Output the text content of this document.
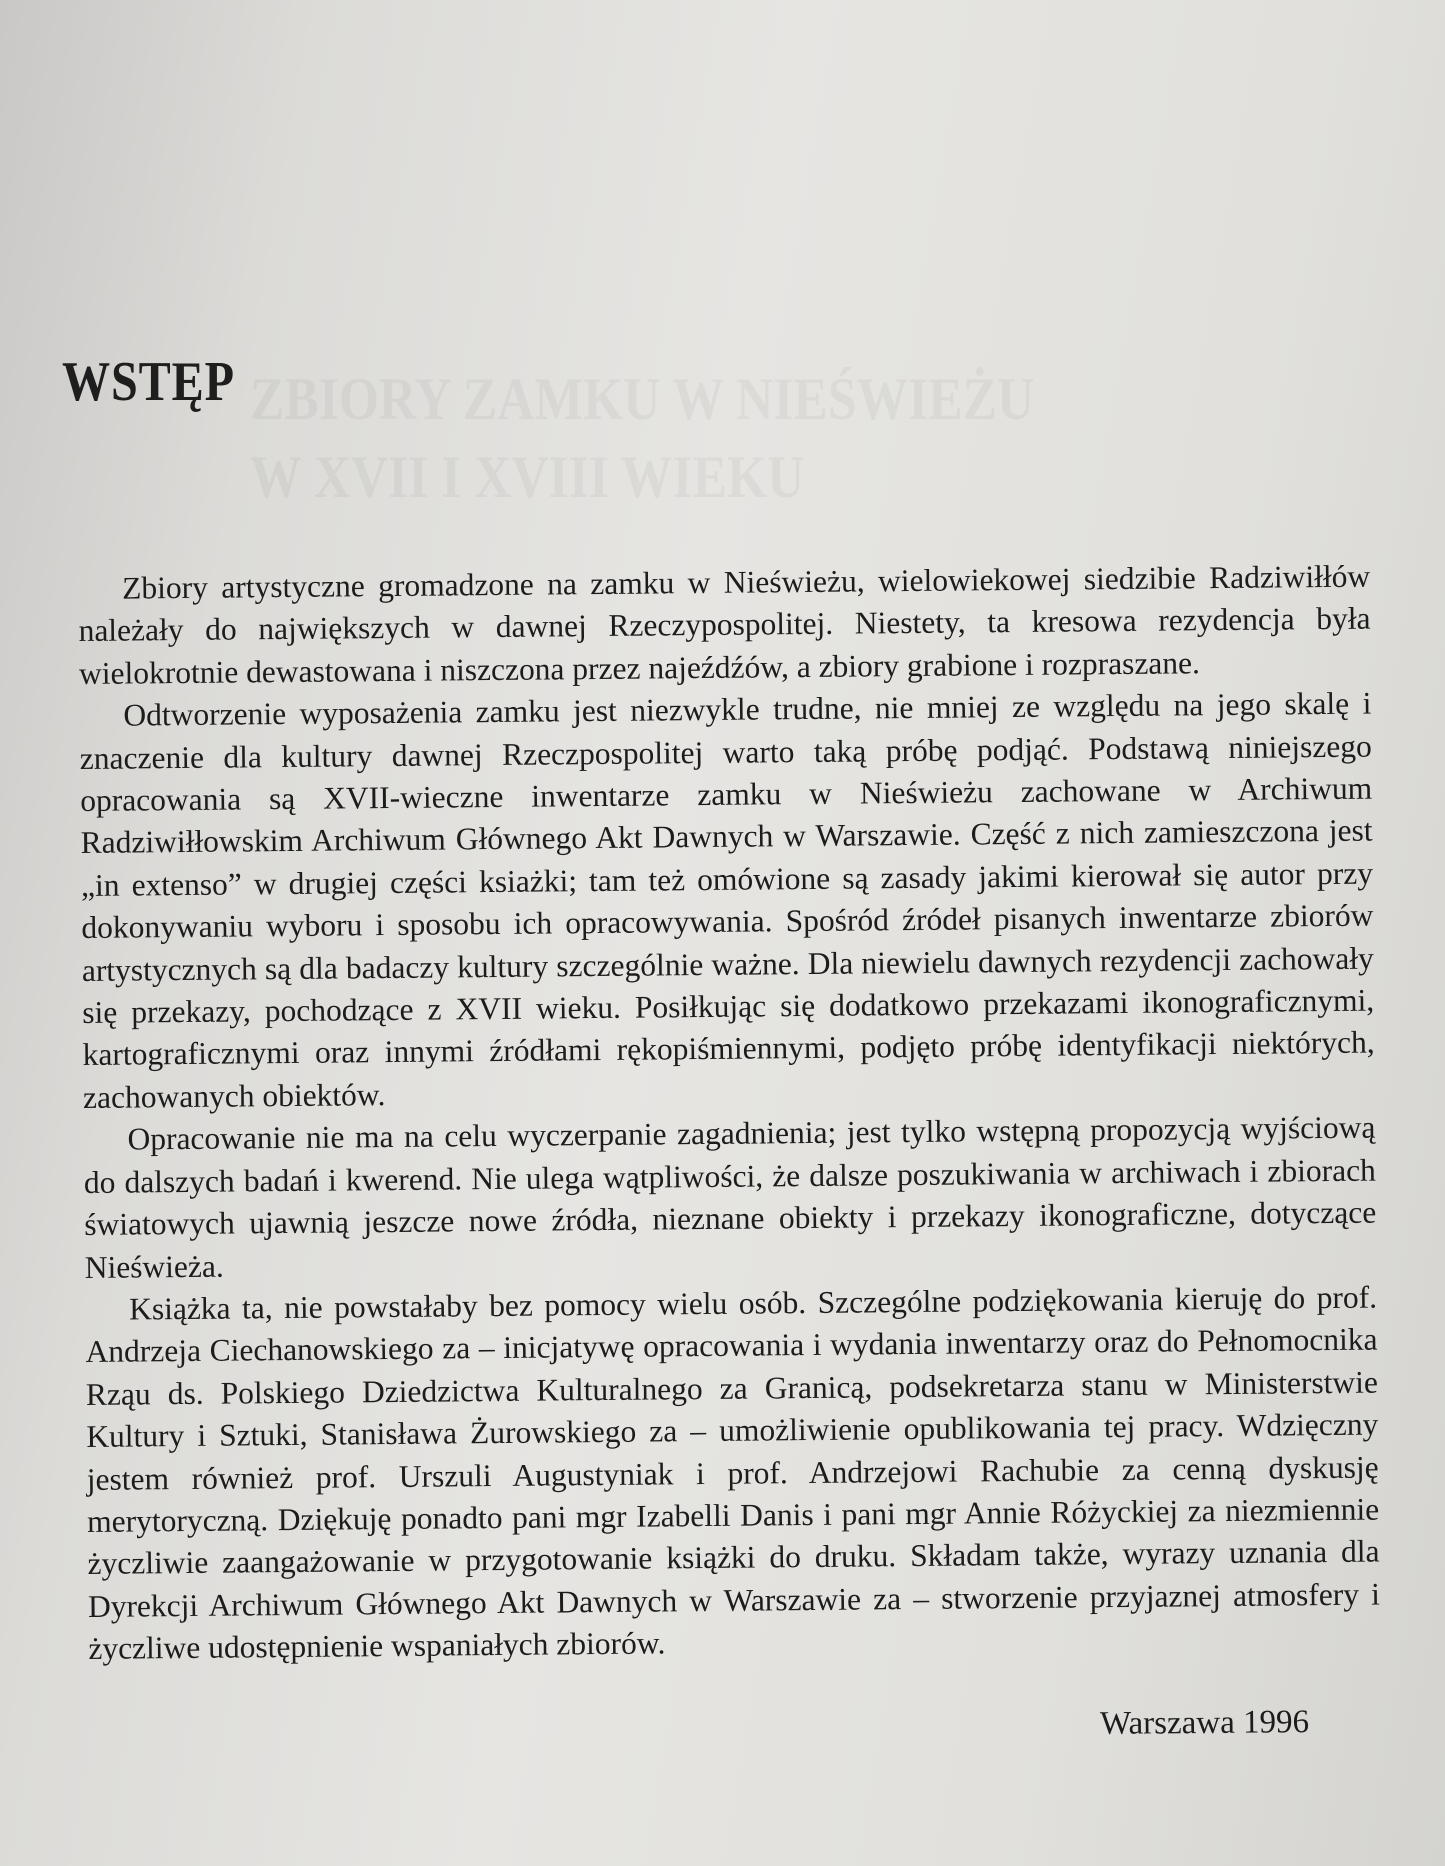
WSTĘP

Zbiory artystyczne gromadzone na zamku w Nieświeżu, wielowiekowej siedzibie Radziwiłłów należały do największych w dawnej Rzeczypospolitej. Niestety, ta kresowa rezydencja była wielokrotnie dewastowana i niszczona przez najeźdźów, a zbiory grabione i rozpraszane.

Odtworzenie wyposażenia zamku jest niezwykle trudne, nie mniej ze względu na jego skalę i znaczenie dla kultury dawnej Rzeczpospolitej warto taką próbę podjąć. Podstawą niniejszego opracowania są XVII-wieczne inwentarze zamku w Nieświeżu zachowane w Archiwum Radziwiłłowskim Archiwum Głównego Akt Dawnych w Warszawie. Część z nich zamieszczona jest „in extenso” w drugiej części ksiażki; tam też omówione są zasady jakimi kierował się autor przy dokonywaniu wyboru i sposobu ich opracowywania. Spośród źródeł pisanych inwentarze zbiorów artystycznych są dla badaczy kultury szczególnie ważne. Dla niewielu dawnych rezydencji zachowały się przekazy, pochodzące z XVII wieku. Posiłkując się dodatkowo przekazami ikonograficznymi, kartograficznymi oraz innymi źródłami rękopiśmiennymi, podjęto próbę identyfikacji niektórych, zachowanych obiektów.

Opracowanie nie ma na celu wyczerpanie zagadnienia; jest tylko wstępną propozycją wyjściową do dalszych badań i kwerend. Nie ulega wątpliwości, że dalsze poszukiwania w archiwach i zbiorach światowych ujawnią jeszcze nowe źródła, nieznane obiekty i przekazy ikonograficzne, dotyczące Nieświeża.

Książka ta, nie powstałaby bez pomocy wielu osób. Szczególne podziękowania kieruję do prof. Andrzeja Ciechanowskiego za – inicjatywę opracowania i wydania inwentarzy oraz do Pełnomocnika Rząu ds. Polskiego Dziedzictwa Kulturalnego za Granicą, podsekretarza stanu w Ministerstwie Kultury i Sztuki, Stanisława Żurowskiego za – umożliwienie opublikowania tej pracy. Wdzięczny jestem również prof. Urszuli Augustyniak i prof. Andrzejowi Rachubie za cenną dyskusję merytoryczną. Dziękuję ponadto pani mgr Izabelli Danis i pani mgr Annie Różyckiej za niezmiennie życzliwie zaangażowanie w przygotowanie książki do druku. Składam także, wyrazy uznania dla Dyrekcji Archiwum Głównego Akt Dawnych w Warszawie za – stworzenie przyjaznej atmosfery i życzliwe udostępnienie wspaniałych zbiorów.

Warszawa 1996
